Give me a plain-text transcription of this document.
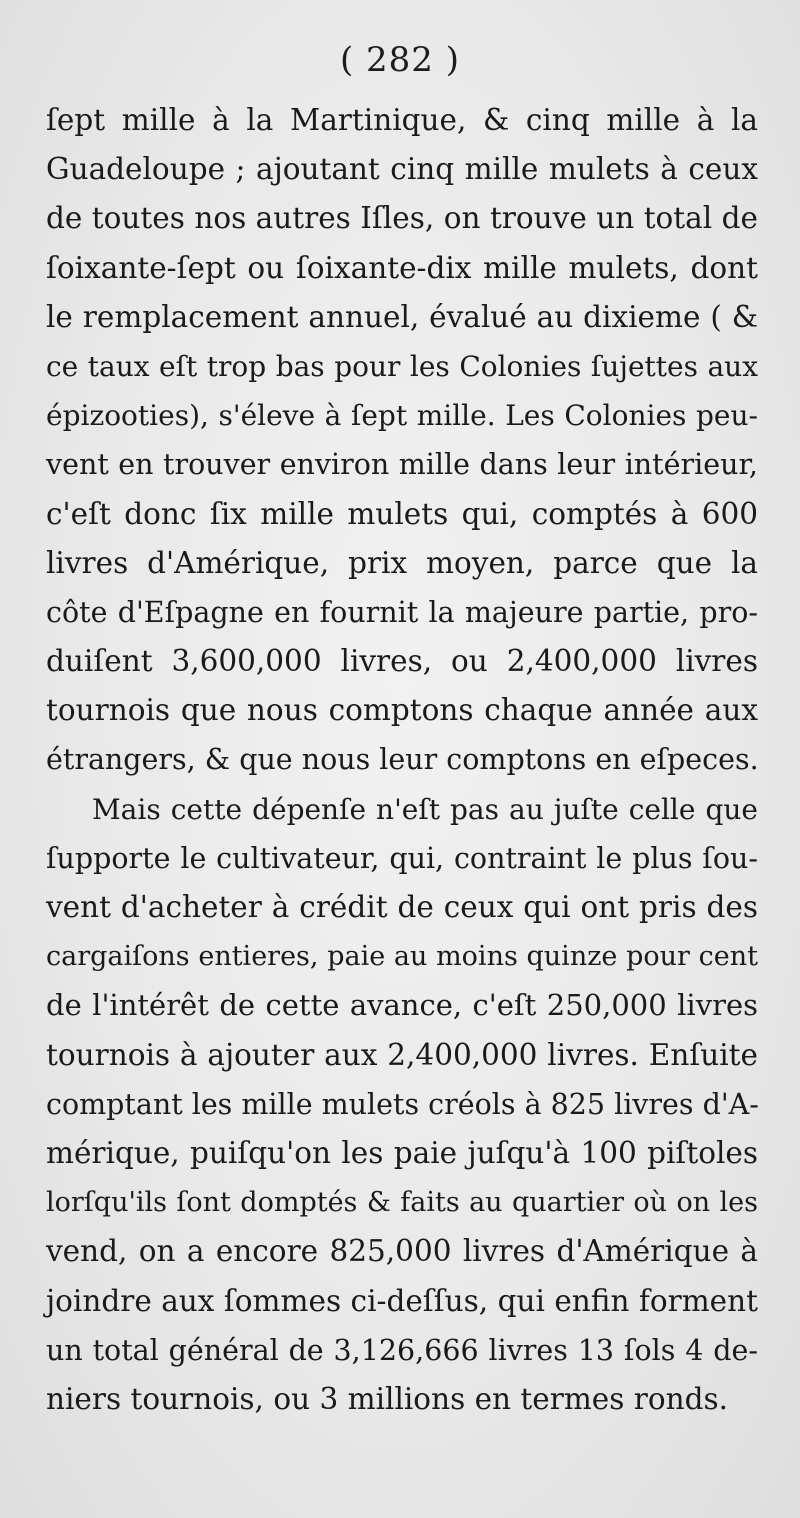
( 282 )
ſept mille à la Martinique, & cinq mille à la
Guadeloupe ; ajoutant cinq mille mulets à ceux
de toutes nos autres Iſles, on trouve un total de
ſoixante-ſept ou ſoixante-dix mille mulets, dont
le remplacement annuel, évalué au dixieme ( &
ce taux eſt trop bas pour les Colonies ſujettes aux
épizooties), s'éleve à ſept mille. Les Colonies peu-
vent en trouver environ mille dans leur intérieur,
c'eſt donc ſix mille mulets qui, comptés à 600
livres d'Amérique, prix moyen, parce que la
côte d'Eſpagne en fournit la majeure partie, pro-
duiſent 3,600,000 livres, ou 2,400,000 livres
tournois que nous comptons chaque année aux
étrangers, & que nous leur comptons en eſpeces.
Mais cette dépenſe n'eſt pas au juſte celle que
ſupporte le cultivateur, qui, contraint le plus ſou-
vent d'acheter à crédit de ceux qui ont pris des
cargaiſons entieres, paie au moins quinze pour cent
de l'intérêt de cette avance, c'eſt 250,000 livres
tournois à ajouter aux 2,400,000 livres. Enſuite
comptant les mille mulets créols à 825 livres d'A-
mérique, puiſqu'on les paie juſqu'à 100 piſtoles
lorſqu'ils ſont domptés & faits au quartier où on les
vend, on a encore 825,000 livres d'Amérique à
joindre aux ſommes ci-deſſus, qui enfin forment
un total général de 3,126,666 livres 13 ſols 4 de-
niers tournois, ou 3 millions en termes ronds.
